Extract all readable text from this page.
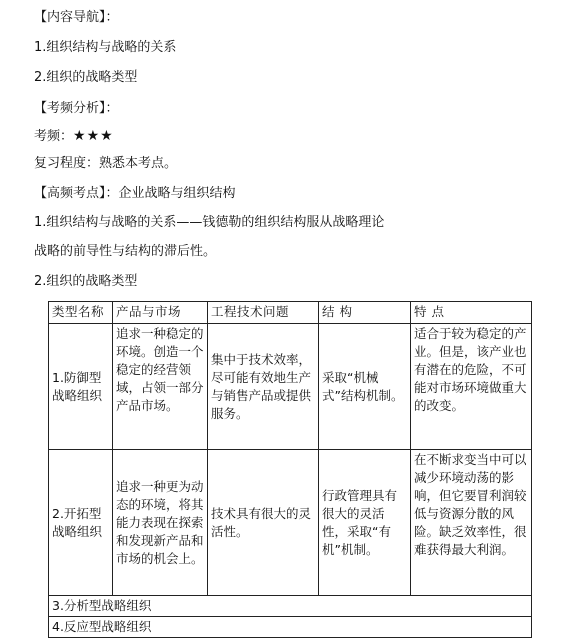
【内容导航】：
1.组织结构与战略的关系
2.组织的战略类型
【考频分析】：
考频：★★★
复习程度：熟悉本考点。
【高频考点】：企业战略与组织结构
1.组织结构与战略的关系——钱德勒的组织结构服从战略理论
战略的前导性与结构的滞后性。
2.组织的战略类型
类型名称	产品与市场	工程技术问题	结 构	特 点
1.防御型战略组织	追求一种稳定的环境。创造一个稳定的经营领域，占领一部分产品市场。	集中于技术效率，尽可能有效地生产与销售产品或提供服务。	采取“机械式”结构机制。	适合于较为稳定的产业。但是，该产业也有潜在的危险，不可能对市场环境做重大的改变。
2.开拓型战略组织	追求一种更为动态的环境，将其能力表现在探索和发现新产品和市场的机会上。	技术具有很大的灵活性。	行政管理具有很大的灵活性，采取“有机”机制。	在不断求变当中可以减少环境动荡的影响，但它要冒利润较低与资源分散的风险。缺乏效率性，很难获得最大利润。
3.分析型战略组织				
4.反应型战略组织				
